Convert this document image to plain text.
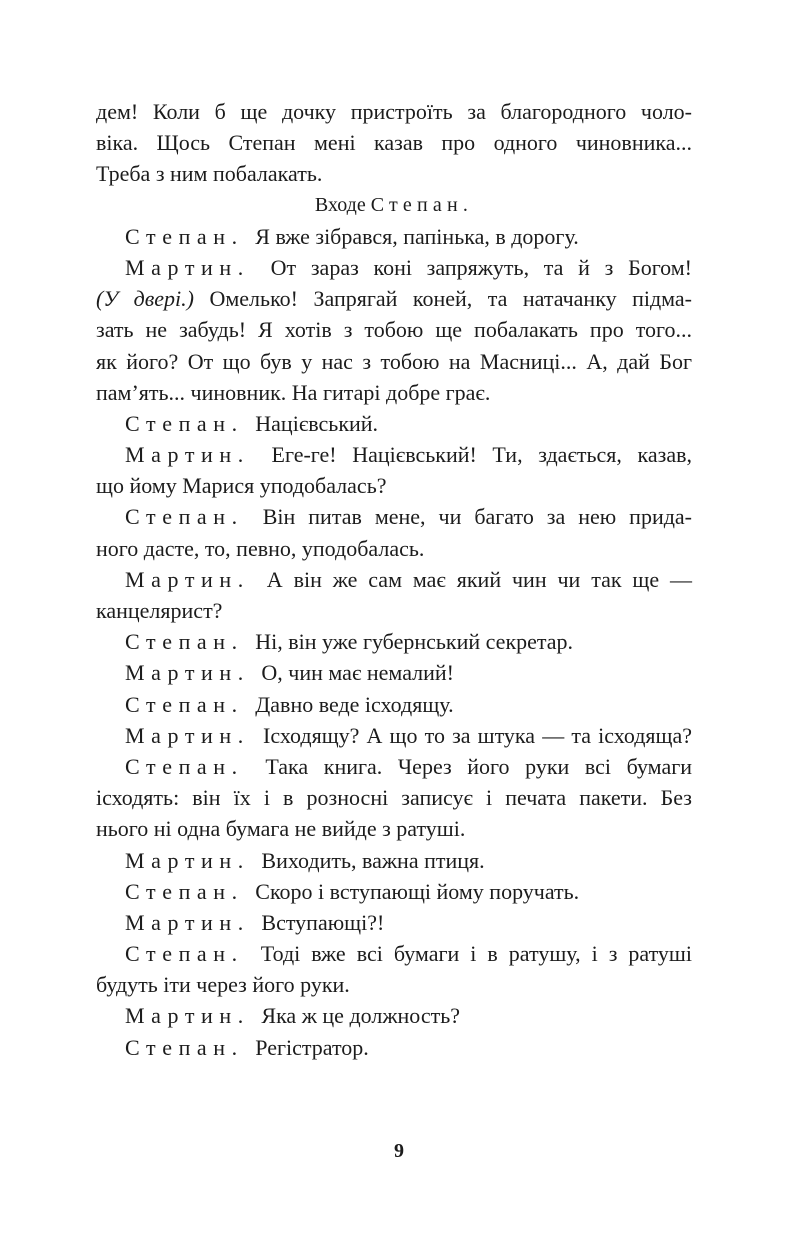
дем! Коли б ще дочку пристроїть за благородного чоло-
віка. Щось Степан мені казав про одного чиновника...
Треба з ним побалакать.
Входе Степан.
Степан. Я вже зібрався, папінька, в дорогу.
Мартин. От зараз коні запряжуть, та й з Богом!
(У двері.) Омелько! Запрягай коней, та натачанку підма-
зать не забудь! Я хотів з тобою ще побалакать про того...
як його? От що був у нас з тобою на Масниці... А, дай Бог
пам’ять... чиновник. На гитарі добре грає.
Степан. Націєвський.
Мартин. Еге-ге! Націєвський! Ти, здається, казав,
що йому Марися уподобалась?
Степан. Він питав мене, чи багато за нею прида-
ного дасте, то, певно, уподобалась.
Мартин. А він же сам має який чин чи так ще —
канцелярист?
Степан. Ні, він уже губернський секретар.
Мартин. О, чин має немалий!
Степан. Давно веде ісходящу.
Мартин. Ісходящу? А що то за штука — та ісходяща?
Степан. Така книга. Через його руки всі бумаги
ісходять: він їх і в розносні записує і печата пакети. Без
нього ні одна бумага не вийде з ратуші.
Мартин. Виходить, важна птиця.
Степан. Скоро і вступающі йому поручать.
Мартин. Вступающі?!
Степан. Тоді вже всі бумаги і в ратушу, і з ратуші
будуть іти через його руки.
Мартин. Яка ж це должность?
Степан. Регістратор.
9
